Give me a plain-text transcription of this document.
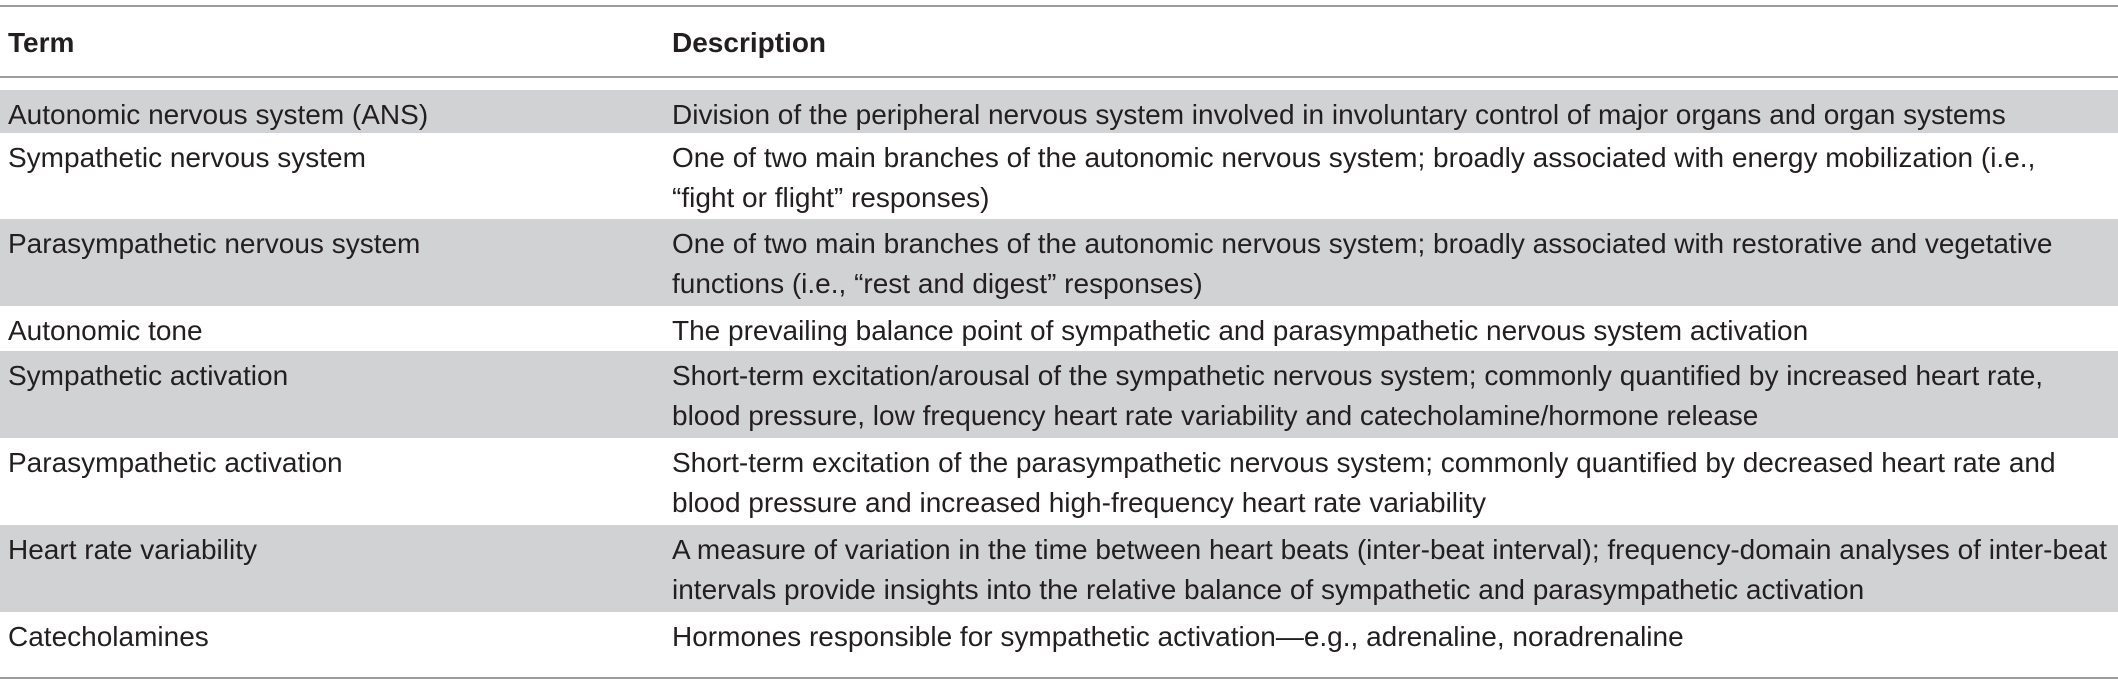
Term	Description
Autonomic nervous system (ANS)	Division of the peripheral nervous system involved in involuntary control of major organs and organ systems
Sympathetic nervous system	One of two main branches of the autonomic nervous system; broadly associated with energy mobilization (i.e.,
“fight or flight” responses)
Parasympathetic nervous system	One of two main branches of the autonomic nervous system; broadly associated with restorative and vegetative
functions (i.e., “rest and digest” responses)
Autonomic tone	The prevailing balance point of sympathetic and parasympathetic nervous system activation
Sympathetic activation	Short-term excitation/arousal of the sympathetic nervous system; commonly quantified by increased heart rate,
blood pressure, low frequency heart rate variability and catecholamine/hormone release
Parasympathetic activation	Short-term excitation of the parasympathetic nervous system; commonly quantified by decreased heart rate and
blood pressure and increased high-frequency heart rate variability
Heart rate variability	A measure of variation in the time between heart beats (inter-beat interval); frequency-domain analyses of inter-beat
intervals provide insights into the relative balance of sympathetic and parasympathetic activation
Catecholamines	Hormones responsible for sympathetic activation—e.g., adrenaline, noradrenaline
